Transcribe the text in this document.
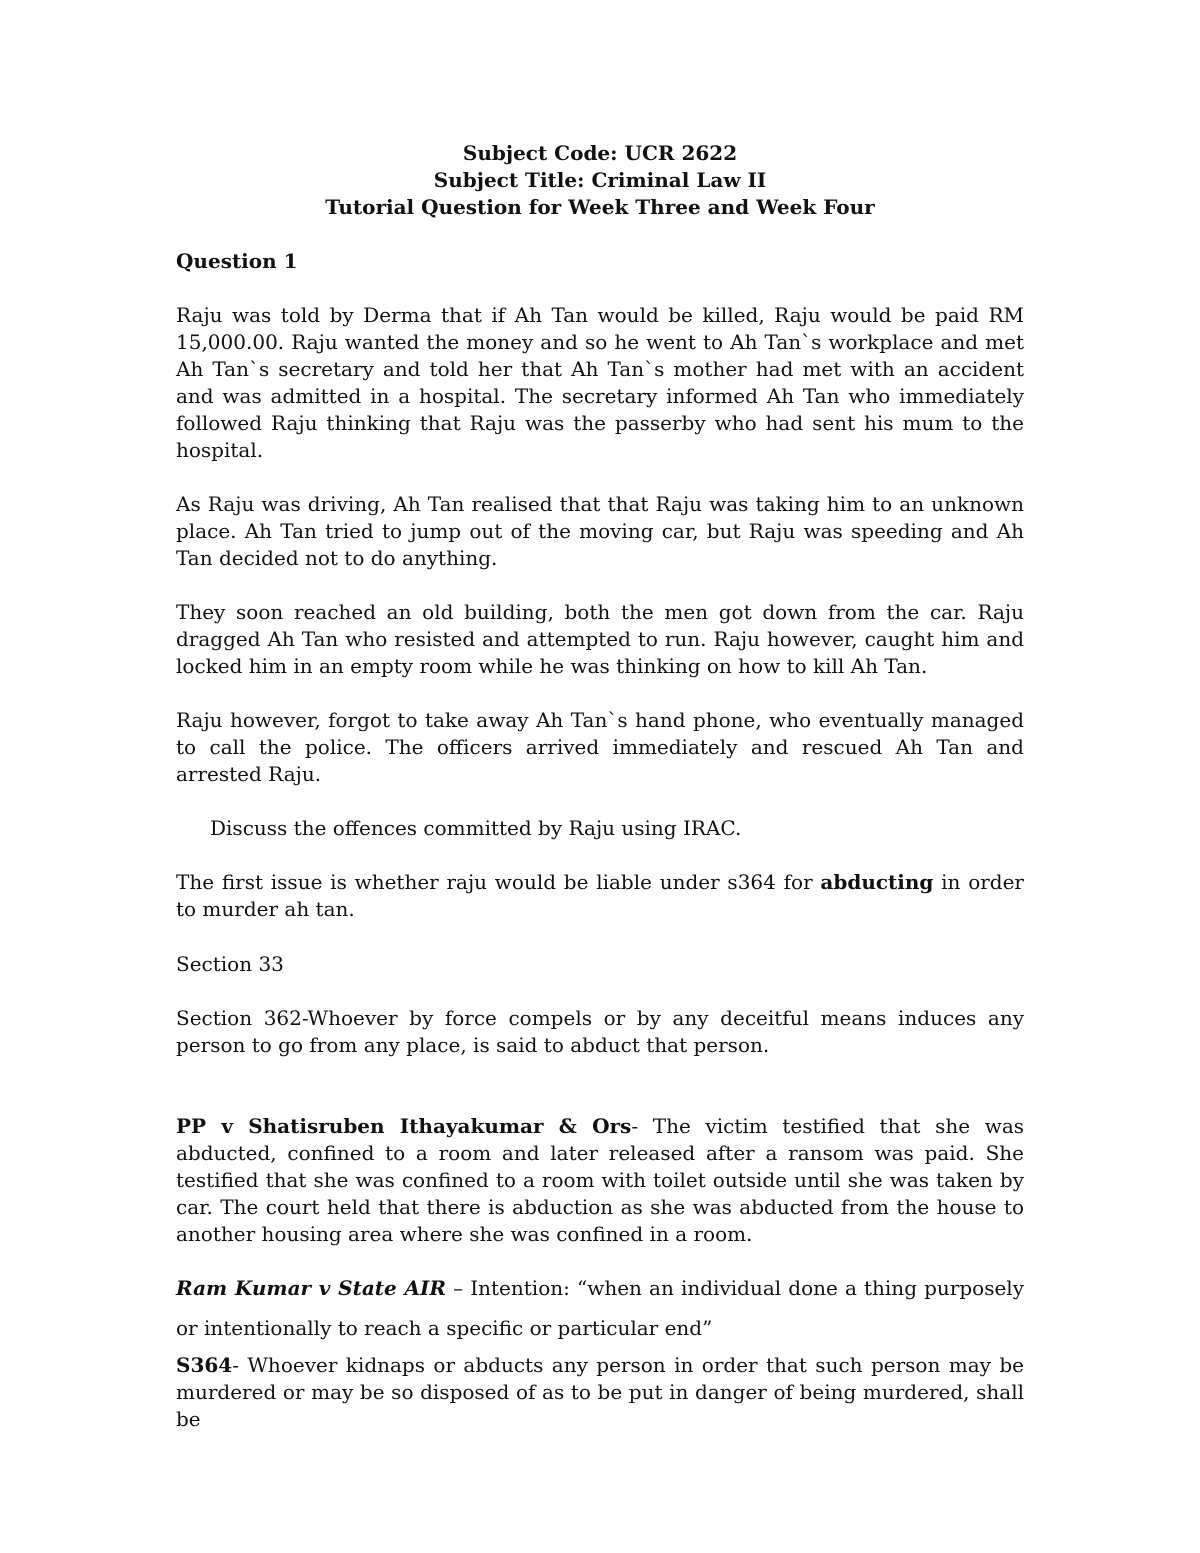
Subject Code: UCR 2622
Subject Title: Criminal Law II
Tutorial Question for Week Three and Week Four
Question 1

Raju was told by Derma that if Ah Tan would be killed, Raju would be paid RM 15,000.00. Raju wanted the money and so he went to Ah Tan`s workplace and met Ah Tan`s secretary and told her that Ah Tan`s mother had met with an accident and was admitted in a hospital. The secretary informed Ah Tan who immediately followed Raju thinking that Raju was the passerby who had sent his mum to the hospital.

As Raju was driving, Ah Tan realised that that Raju was taking him to an unknown place. Ah Tan tried to jump out of the moving car, but Raju was speeding and Ah Tan decided not to do anything.

They soon reached an old building, both the men got down from the car. Raju dragged Ah Tan who resisted and attempted to run. Raju however, caught him and locked him in an empty room while he was thinking on how to kill Ah Tan.

Raju however, forgot to take away Ah Tan`s hand phone, who eventually managed to call the police. The officers arrived immediately and rescued Ah Tan and arrested Raju.

Discuss the offences committed by Raju using IRAC.

The first issue is whether raju would be liable under s364 for abducting in order to murder ah tan.

Section 33

Section 362-Whoever by force compels or by any deceitful means induces any person to go from any place, is said to abduct that person.

PP v Shatisruben Ithayakumar & Ors- The victim testified that she was abducted, confined to a room and later released after a ransom was paid. She testified that she was confined to a room with toilet outside until she was taken by car. The court held that there is abduction as she was abducted from the house to another housing area where she was confined in a room.

Ram Kumar v State AIR – Intention: “when an individual done a thing purposely or intentionally to reach a specific or particular end”

S364- Whoever kidnaps or abducts any person in order that such person may be murdered or may be so disposed of as to be put in danger of being murdered, shall be
